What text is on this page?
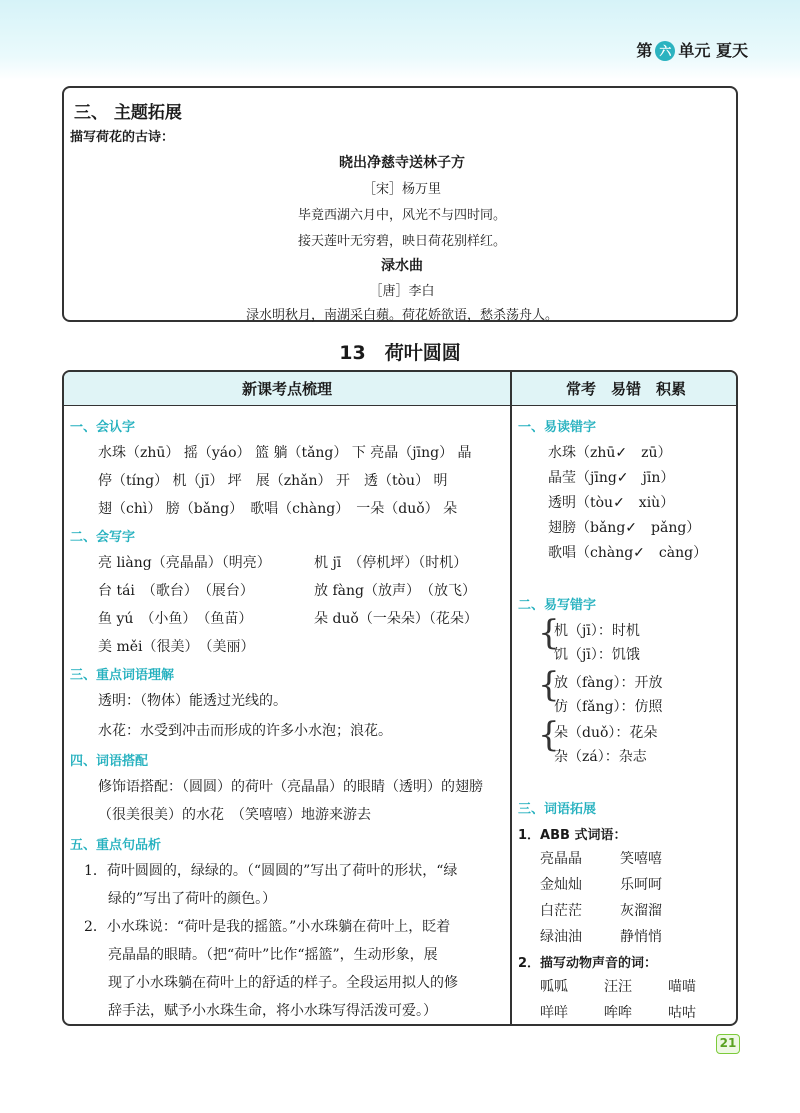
第 六 单元 夏天
三、 主题拓展
描写荷花的古诗：
晓出净慈寺送林子方
［宋］杨万里
毕竟西湖六月中，风光不与四时同。
接天莲叶无穷碧，映日荷花别样红。
渌水曲
［唐］李白
渌水明秋月，南湖采白蘋。荷花娇欲语，愁杀荡舟人。
13　荷叶圆圆
新课考点梳理	常考　易错　积累
一、会认字
水珠（zhū） 摇（yáo） 篮 躺（tǎng） 下 亮晶（jīng） 晶
停（tíng） 机（jī） 坪　展（zhǎn） 开　透（tòu） 明
翅（chì） 膀（bǎng）　歌唱（chàng）　一朵（duǒ） 朵
二、会写字
亮 liàng（亮晶晶）（明亮）	机 jī　（停机坪）（时机）
台 tái　（歌台）　（展台）	放 fàng（放声）　（放飞）
鱼 yú　（小鱼）　（鱼苗）	朵 duǒ（一朵朵）（花朵）
美 měi（很美）　（美丽）
三、重点词语理解
透明：（物体）能透过光线的。
水花：水受到冲击而形成的许多小水泡；浪花。
四、词语搭配
修饰语搭配：（圆圆）的荷叶（亮晶晶）的眼睛（透明）的翅膀
（很美很美）的水花　（笑嘻嘻）地游来游去
五、重点句品析
1．荷叶圆圆的，绿绿的。（“圆圆的”写出了荷叶的形状，“绿
绿的”写出了荷叶的颜色。）
2．小水珠说：“荷叶是我的摇篮。”小水珠躺在荷叶上，眨着
亮晶晶的眼睛。（把“荷叶”比作“摇篮”，生动形象，展
现了小水珠躺在荷叶上的舒适的样子。全段运用拟人的修
辞手法，赋予小水珠生命，将小水珠写得活泼可爱。）
一、易读错字
水珠（zhū✓　zū）
晶莹（jīng✓　jīn）
透明（tòu✓　xiù）
翅膀（bǎng✓　pǎng）
歌唱（chàng✓　càng）
二、易写错字
{
机（jī）：时机
饥（jī）：饥饿
{
放（fàng）：开放
仿（fǎng）：仿照
{
朵（duǒ）：花朵
杂（zá）：杂志
三、词语拓展
1．ABB 式词语：
亮晶晶	笑嘻嘻
金灿灿	乐呵呵
白茫茫	灰溜溜
绿油油	静悄悄
2．描写动物声音的词：
呱呱	汪汪	喵喵
咩咩	哞哞	咕咕
21
